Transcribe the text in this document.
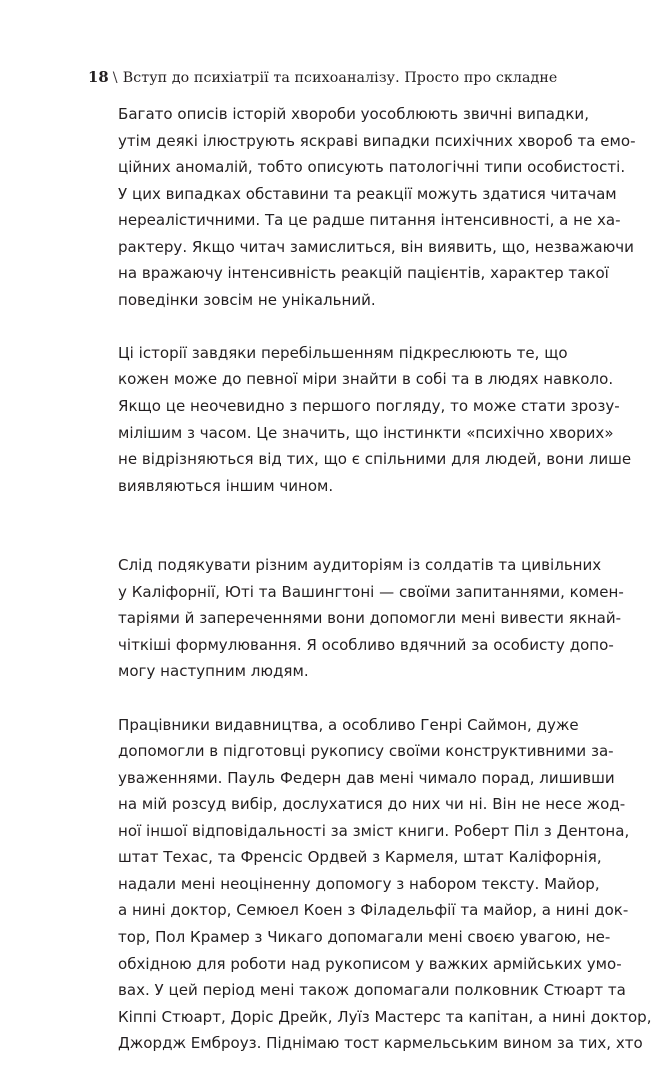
18 \ Вступ до психіатрії та психоаналізу. Просто про складне

Багато описів історій хвороби уособлюють звичні випадки,
утім деякі ілюструють яскраві випадки психічних хвороб та емо-
ційних аномалій, тобто описують патологічні типи особистості.
У цих випадках обставини та реакції можуть здатися читачам
нереалістичними. Та це радше питання інтенсивності, а не ха-
рактеру. Якщо читач замислиться, він виявить, що, незважаючи
на вражаючу інтенсивність реакцій пацієнтів, характер такої
поведінки зовсім не унікальний.

Ці історії завдяки перебільшенням підкреслюють те, що
кожен може до певної міри знайти в собі та в людях навколо.
Якщо це неочевидно з першого погляду, то може стати зрозу-
мілішим з часом. Це значить, що інстинкти «психічно хворих»
не відрізняються від тих, що є спільними для людей, вони лише
виявляються іншим чином.

Слід подякувати різним аудиторіям із солдатів та цивільних
у Каліфорнії, Юті та Вашингтоні — своїми запитаннями, комен-
таріями й запереченнями вони допомогли мені вивести якнай-
чіткіші формулювання. Я особливо вдячний за особисту допо-
могу наступним людям.

Працівники видавництва, а особливо Генрі Саймон, дуже
допомогли в підготовці рукопису своїми конструктивними за-
уваженнями. Пауль Федерн дав мені чимало порад, лишивши
на мій розсуд вибір, дослухатися до них чи ні. Він не несе жод-
ної іншої відповідальності за зміст книги. Роберт Піл з Дентона,
штат Техас, та Френсіс Ордвей з Кармеля, штат Каліфорнія,
надали мені неоціненну допомогу з набором тексту. Майор,
а нині доктор, Семюел Коен з Філадельфії та майор, а нині док-
тор, Пол Крамер з Чикаго допомагали мені своєю увагою, не-
обхідною для роботи над рукописом у важких армійських умо-
вах. У цей період мені також допомагали полковник Стюарт та
Кіппі Стюарт, Доріс Дрейк, Луїз Мастерс та капітан, а нині доктор,
Джордж Емброуз. Піднімаю тост кармельським вином за тих, хто
